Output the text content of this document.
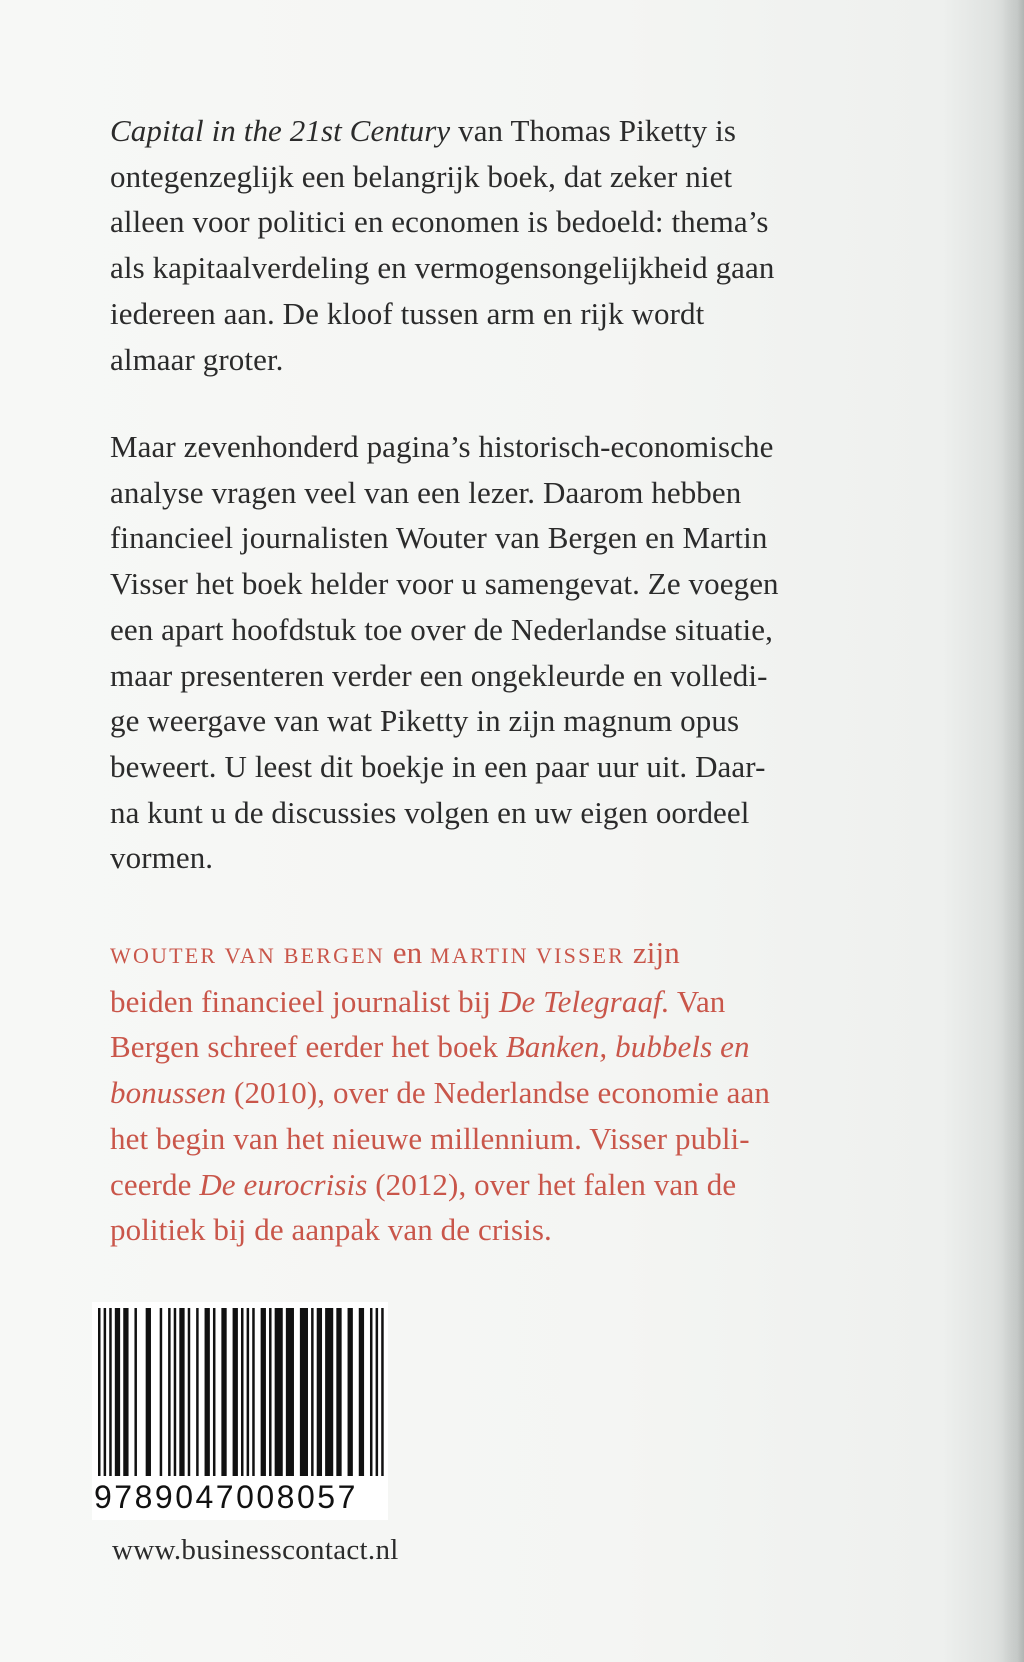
Capital in the 21st Century van Thomas Piketty is
ontegenzeglijk een belangrijk boek, dat zeker niet
alleen voor politici en economen is bedoeld: thema’s
als kapitaalverdeling en vermogensongelijkheid gaan
iedereen aan. De kloof tussen arm en rijk wordt
almaar groter.

Maar zevenhonderd pagina’s historisch-economische
analyse vragen veel van een lezer. Daarom hebben
financieel journalisten Wouter van Bergen en Martin
Visser het boek helder voor u samengevat. Ze voegen
een apart hoofdstuk toe over de Nederlandse situatie,
maar presenteren verder een ongekleurde en volledi-
ge weergave van wat Piketty in zijn magnum opus
beweert. U leest dit boekje in een paar uur uit. Daar-
na kunt u de discussies volgen en uw eigen oordeel
vormen.

WOUTER VAN BERGEN en MARTIN VISSER zijn
beiden financieel journalist bij De Telegraaf. Van
Bergen schreef eerder het boek Banken, bubbels en
bonussen (2010), over de Nederlandse economie aan
het begin van het nieuwe millennium. Visser publi-
ceerde De eurocrisis (2012), over het falen van de
politiek bij de aanpak van de crisis.

9789047008057
www.businesscontact.nl
